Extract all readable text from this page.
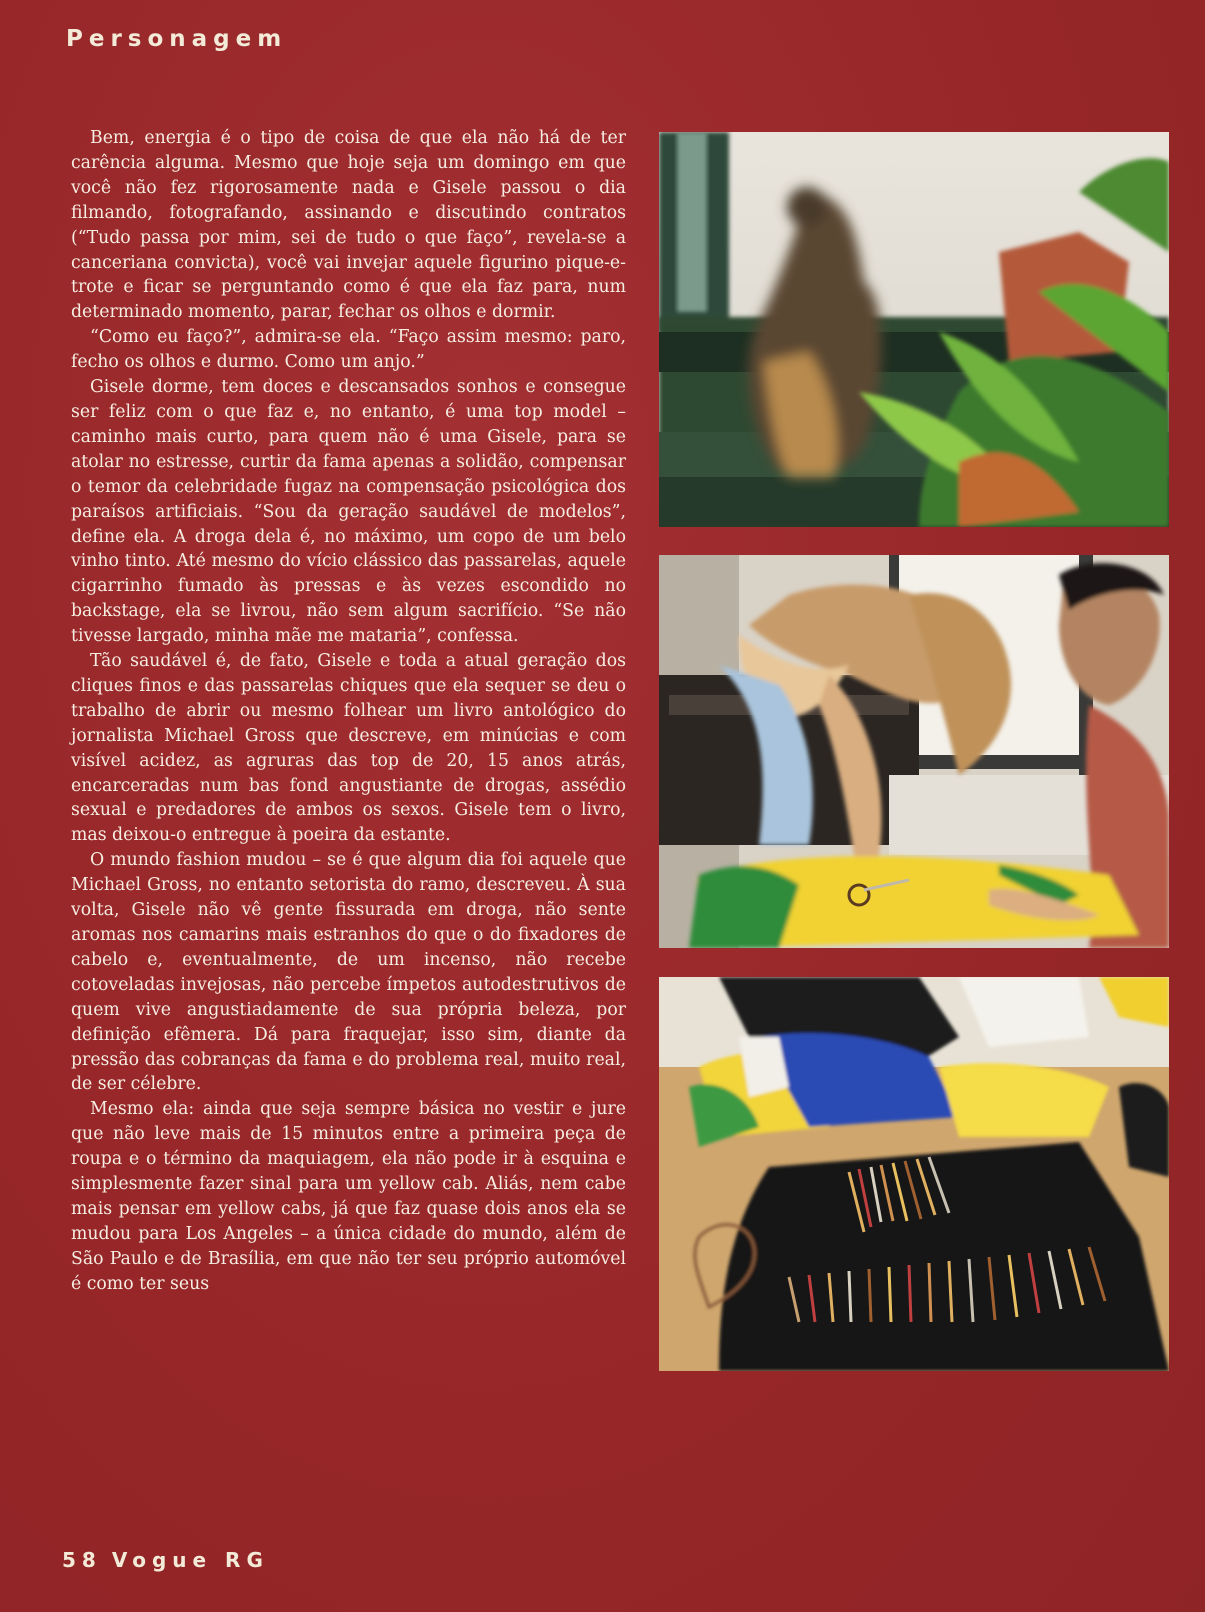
Personagem

Bem, energia é o tipo de coisa de que ela não há de ter carência alguma. Mesmo que hoje seja um domingo em que você não fez rigorosamente nada e Gisele passou o dia filmando, fotografando, assinando e discutindo contratos (“Tudo passa por mim, sei de tudo o que faço”, revela-se a canceriana convicta), você vai invejar aquele figurino pique-e-trote e ficar se perguntando como é que ela faz para, num determinado momento, parar, fechar os olhos e dormir.

“Como eu faço?”, admira-se ela. “Faço assim mesmo: paro, fecho os olhos e durmo. Como um anjo.”

Gisele dorme, tem doces e descansados sonhos e consegue ser feliz com o que faz e, no entanto, é uma top model – caminho mais curto, para quem não é uma Gisele, para se atolar no estresse, curtir da fama apenas a solidão, compensar o temor da celebridade fugaz na compensação psicológica dos paraísos artificiais. “Sou da geração saudável de modelos”, define ela. A droga dela é, no máximo, um copo de um belo vinho tinto. Até mesmo do vício clássico das passarelas, aquele cigarrinho fumado às pressas e às vezes escondido no backstage, ela se livrou, não sem algum sacrifício. “Se não tivesse largado, minha mãe me mataria”, confessa.

Tão saudável é, de fato, Gisele e toda a atual geração dos cliques finos e das passarelas chiques que ela sequer se deu o trabalho de abrir ou mesmo folhear um livro antológico do jornalista Michael Gross que descreve, em minúcias e com visível acidez, as agruras das top de 20, 15 anos atrás, encarceradas num bas fond angustiante de drogas, assédio sexual e predadores de ambos os sexos. Gisele tem o livro, mas deixou-o entregue à poeira da estante.

O mundo fashion mudou – se é que algum dia foi aquele que Michael Gross, no entanto setorista do ramo, descreveu. À sua volta, Gisele não vê gente fissurada em droga, não sente aromas nos camarins mais estranhos do que o do fixadores de cabelo e, eventualmente, de um incenso, não recebe cotoveladas invejosas, não percebe ímpetos autodestrutivos de quem vive angustiadamente de sua própria beleza, por definição efêmera. Dá para fraquejar, isso sim, diante da pressão das cobranças da fama e do problema real, muito real, de ser célebre.

Mesmo ela: ainda que seja sempre básica no vestir e jure que não leve mais de 15 minutos entre a primeira peça de roupa e o término da maquiagem, ela não pode ir à esquina e simplesmente fazer sinal para um yellow cab. Aliás, nem cabe mais pensar em yellow cabs, já que faz quase dois anos ela se mudou para Los Angeles – a única cidade do mundo, além de São Paulo e de Brasília, em que não ter seu próprio automóvel é como ter seus

58 Vogue RG
